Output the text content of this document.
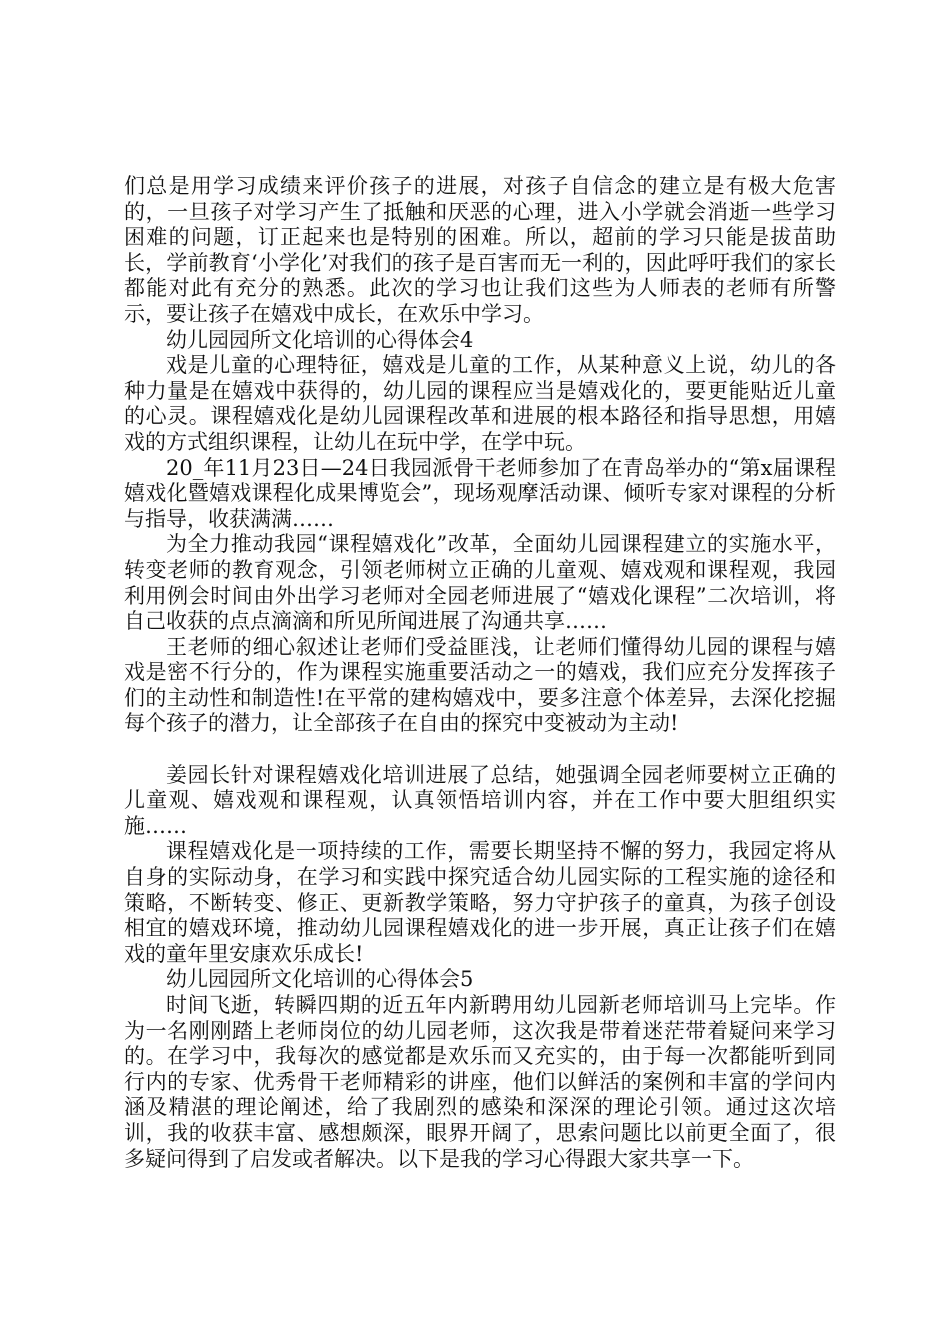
们总是用学习成绩来评价孩子的进展，对孩子自信念的建立是有极大危害的，一旦孩子对学习产生了抵触和厌恶的心理，进入小学就会消逝一些学习困难的问题，订正起来也是特别的困难。所以，超前的学习只能是拔苗助长，学前教育‘小学化’对我们的孩子是百害而无一利的，因此呼吁我们的家长都能对此有充分的熟悉。此次的学习也让我们这些为人师表的老师有所警示，要让孩子在嬉戏中成长，在欢乐中学习。

幼儿园园所文化培训的心得体会4

戏是儿童的心理特征，嬉戏是儿童的工作，从某种意义上说，幼儿的各种力量是在嬉戏中获得的，幼儿园的课程应当是嬉戏化的，要更能贴近儿童的心灵。课程嬉戏化是幼儿园课程改革和进展的根本路径和指导思想，用嬉戏的方式组织课程，让幼儿在玩中学，在学中玩。

20_年11月23日—24日我园派骨干老师参加了在青岛举办的“第x届课程嬉戏化暨嬉戏课程化成果博览会”，现场观摩活动课、倾听专家对课程的分析与指导，收获满满……

为全力推动我园“课程嬉戏化”改革，全面幼儿园课程建立的实施水平，转变老师的教育观念，引领老师树立正确的儿童观、嬉戏观和课程观，我园利用例会时间由外出学习老师对全园老师进展了“嬉戏化课程”二次培训，将自己收获的点点滴滴和所见所闻进展了沟通共享……

王老师的细心叙述让老师们受益匪浅，让老师们懂得幼儿园的课程与嬉戏是密不行分的，作为课程实施重要活动之一的嬉戏，我们应充分发挥孩子们的主动性和制造性!在平常的建构嬉戏中，要多注意个体差异，去深化挖掘每个孩子的潜力，让全部孩子在自由的探究中变被动为主动!

姜园长针对课程嬉戏化培训进展了总结，她强调全园老师要树立正确的儿童观、嬉戏观和课程观，认真领悟培训内容，并在工作中要大胆组织实施……

课程嬉戏化是一项持续的工作，需要长期坚持不懈的努力，我园定将从自身的实际动身，在学习和实践中探究适合幼儿园实际的工程实施的途径和策略，不断转变、修正、更新教学策略，努力守护孩子的童真，为孩子创设相宜的嬉戏环境，推动幼儿园课程嬉戏化的进一步开展，真正让孩子们在嬉戏的童年里安康欢乐成长!

幼儿园园所文化培训的心得体会5

时间飞逝，转瞬四期的近五年内新聘用幼儿园新老师培训马上完毕。作为一名刚刚踏上老师岗位的幼儿园老师，这次我是带着迷茫带着疑问来学习的。在学习中，我每次的感觉都是欢乐而又充实的，由于每一次都能听到同行内的专家、优秀骨干老师精彩的讲座，他们以鲜活的案例和丰富的学问内涵及精湛的理论阐述，给了我剧烈的感染和深深的理论引领。通过这次培训，我的收获丰富、感想颇深，眼界开阔了，思索问题比以前更全面了，很多疑问得到了启发或者解决。以下是我的学习心得跟大家共享一下。
